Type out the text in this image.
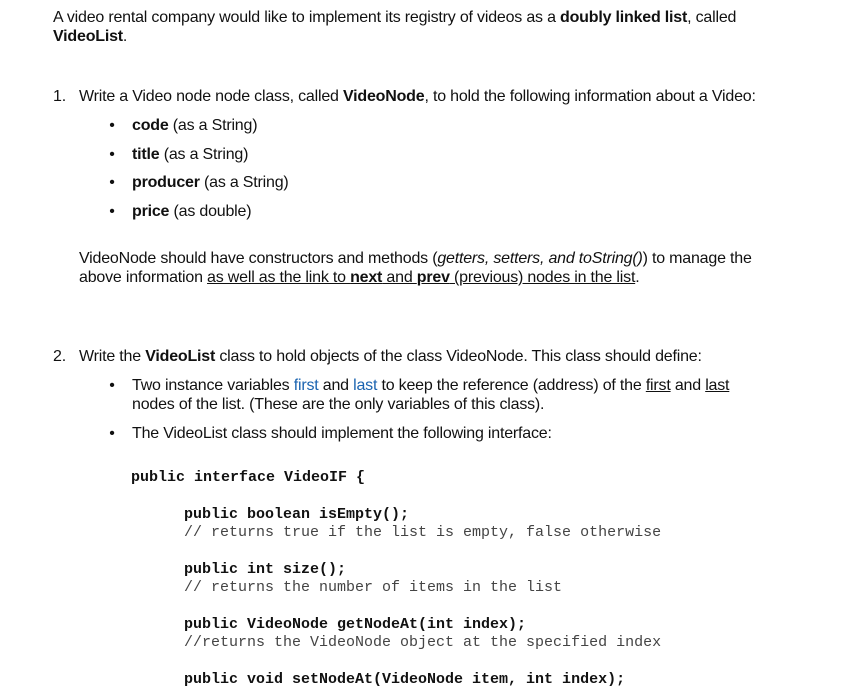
A video rental company would like to implement its registry of videos as a doubly linked list, called
VideoList.
1. Write a Video node node class, called VideoNode, to hold the following information about a Video:
• code (as a String)
• title (as a String)
• producer (as a String)
• price (as double)
VideoNode should have constructors and methods (getters, setters, and toString()) to manage the above information as well as the link to next and prev (previous) nodes in the list.
2. Write the VideoList class to hold objects of the class VideoNode. This class should define:
• Two instance variables first and last to keep the reference (address) of the first and last nodes of the list. (These are the only variables of this class).
• The VideoList class should implement the following interface:
public interface VideoIF {
public boolean isEmpty();
// returns true if the list is empty, false otherwise
public int size();
// returns the number of items in the list
public VideoNode getNodeAt(int index);
//returns the VideoNode object at the specified index
public void setNodeAt(VideoNode item, int index);
